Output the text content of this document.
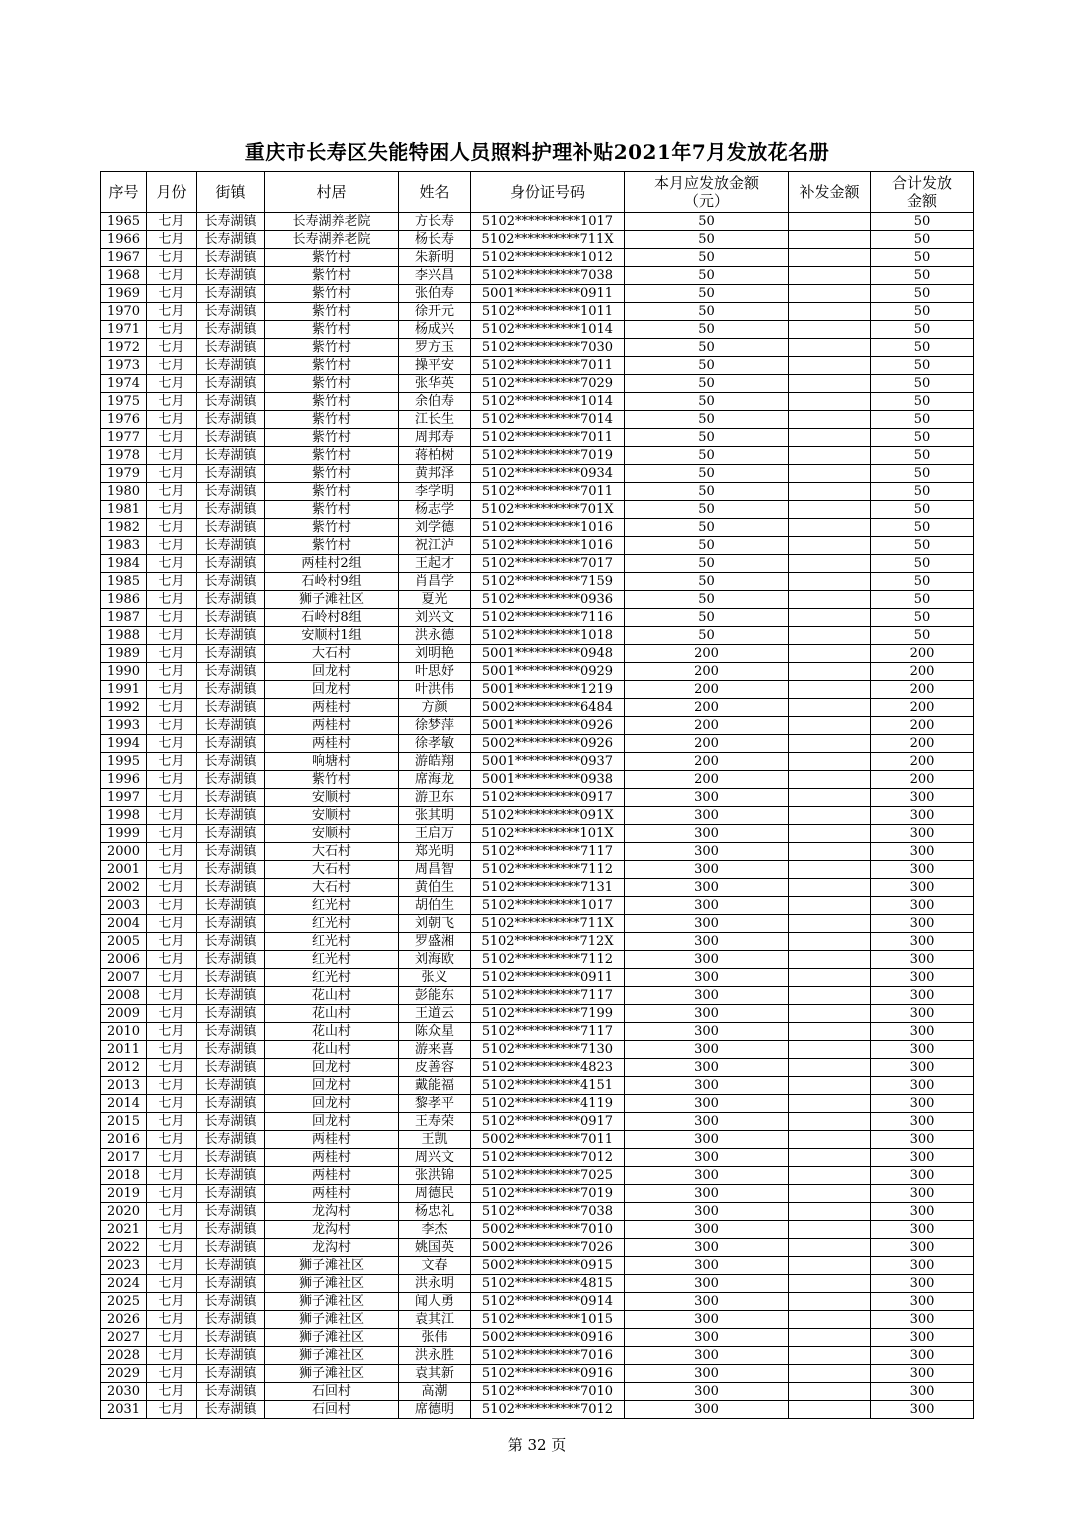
重庆市长寿区失能特困人员照料护理补贴2021年7月发放花名册
序号	月份	街镇	村居	姓名	身份证号码	本月应发放金额
（元）	补发金额	合计发放
金额
1965	七月	长寿湖镇	长寿湖养老院	方长寿	5102**********1017	50		50
1966	七月	长寿湖镇	长寿湖养老院	杨长寿	5102**********711X	50		50
1967	七月	长寿湖镇	紫竹村	朱新明	5102**********1012	50		50
1968	七月	长寿湖镇	紫竹村	李兴昌	5102**********7038	50		50
1969	七月	长寿湖镇	紫竹村	张伯寿	5001**********0911	50		50
1970	七月	长寿湖镇	紫竹村	徐开元	5102**********1011	50		50
1971	七月	长寿湖镇	紫竹村	杨成兴	5102**********1014	50		50
1972	七月	长寿湖镇	紫竹村	罗方玉	5102**********7030	50		50
1973	七月	长寿湖镇	紫竹村	操平安	5102**********7011	50		50
1974	七月	长寿湖镇	紫竹村	张华英	5102**********7029	50		50
1975	七月	长寿湖镇	紫竹村	余伯寿	5102**********1014	50		50
1976	七月	长寿湖镇	紫竹村	江长生	5102**********7014	50		50
1977	七月	长寿湖镇	紫竹村	周邦寿	5102**********7011	50		50
1978	七月	长寿湖镇	紫竹村	蒋柏树	5102**********7019	50		50
1979	七月	长寿湖镇	紫竹村	黄邦泽	5102**********0934	50		50
1980	七月	长寿湖镇	紫竹村	李学明	5102**********7011	50		50
1981	七月	长寿湖镇	紫竹村	杨志学	5102**********701X	50		50
1982	七月	长寿湖镇	紫竹村	刘学德	5102**********1016	50		50
1983	七月	长寿湖镇	紫竹村	祝江泸	5102**********1016	50		50
1984	七月	长寿湖镇	两桂村2组	王起才	5102**********7017	50		50
1985	七月	长寿湖镇	石岭村9组	肖昌学	5102**********7159	50		50
1986	七月	长寿湖镇	狮子滩社区	夏光	5102**********0936	50		50
1987	七月	长寿湖镇	石岭村8组	刘兴文	5102**********7116	50		50
1988	七月	长寿湖镇	安顺村1组	洪永德	5102**********1018	50		50
1989	七月	长寿湖镇	大石村	刘明艳	5001**********0948	200		200
1990	七月	长寿湖镇	回龙村	叶思妤	5001**********0929	200		200
1991	七月	长寿湖镇	回龙村	叶洪伟	5001**********1219	200		200
1992	七月	长寿湖镇	两桂村	方颜	5002**********6484	200		200
1993	七月	长寿湖镇	两桂村	徐梦萍	5001**********0926	200		200
1994	七月	长寿湖镇	两桂村	徐孝敏	5002**********0926	200		200
1995	七月	长寿湖镇	响塘村	游皓翔	5001**********0937	200		200
1996	七月	长寿湖镇	紫竹村	席海龙	5001**********0938	200		200
1997	七月	长寿湖镇	安顺村	游卫东	5102**********0917	300		300
1998	七月	长寿湖镇	安顺村	张其明	5102**********091X	300		300
1999	七月	长寿湖镇	安顺村	王启万	5102**********101X	300		300
2000	七月	长寿湖镇	大石村	郑光明	5102**********7117	300		300
2001	七月	长寿湖镇	大石村	周昌智	5102**********7112	300		300
2002	七月	长寿湖镇	大石村	黄伯生	5102**********7131	300		300
2003	七月	长寿湖镇	红光村	胡伯生	5102**********1017	300		300
2004	七月	长寿湖镇	红光村	刘朝飞	5102**********711X	300		300
2005	七月	长寿湖镇	红光村	罗盛湘	5102**********712X	300		300
2006	七月	长寿湖镇	红光村	刘海欧	5102**********7112	300		300
2007	七月	长寿湖镇	红光村	张义	5102**********0911	300		300
2008	七月	长寿湖镇	花山村	彭能东	5102**********7117	300		300
2009	七月	长寿湖镇	花山村	王道云	5102**********7199	300		300
2010	七月	长寿湖镇	花山村	陈众星	5102**********7117	300		300
2011	七月	长寿湖镇	花山村	游来喜	5102**********7130	300		300
2012	七月	长寿湖镇	回龙村	皮善容	5102**********4823	300		300
2013	七月	长寿湖镇	回龙村	戴能福	5102**********4151	300		300
2014	七月	长寿湖镇	回龙村	黎孝平	5102**********4119	300		300
2015	七月	长寿湖镇	回龙村	王寿荣	5102**********0917	300		300
2016	七月	长寿湖镇	两桂村	王凯	5002**********7011	300		300
2017	七月	长寿湖镇	两桂村	周兴文	5102**********7012	300		300
2018	七月	长寿湖镇	两桂村	张洪锦	5102**********7025	300		300
2019	七月	长寿湖镇	两桂村	周德民	5102**********7019	300		300
2020	七月	长寿湖镇	龙沟村	杨忠礼	5102**********7038	300		300
2021	七月	长寿湖镇	龙沟村	李杰	5002**********7010	300		300
2022	七月	长寿湖镇	龙沟村	姚国英	5002**********7026	300		300
2023	七月	长寿湖镇	狮子滩社区	文春	5002**********0915	300		300
2024	七月	长寿湖镇	狮子滩社区	洪永明	5102**********4815	300		300
2025	七月	长寿湖镇	狮子滩社区	闻人勇	5102**********0914	300		300
2026	七月	长寿湖镇	狮子滩社区	袁其江	5102**********1015	300		300
2027	七月	长寿湖镇	狮子滩社区	张伟	5002**********0916	300		300
2028	七月	长寿湖镇	狮子滩社区	洪永胜	5102**********7016	300		300
2029	七月	长寿湖镇	狮子滩社区	袁其新	5102**********0916	300		300
2030	七月	长寿湖镇	石回村	高潮	5102**********7010	300		300
2031	七月	长寿湖镇	石回村	席德明	5102**********7012	300		300
第 32 页
